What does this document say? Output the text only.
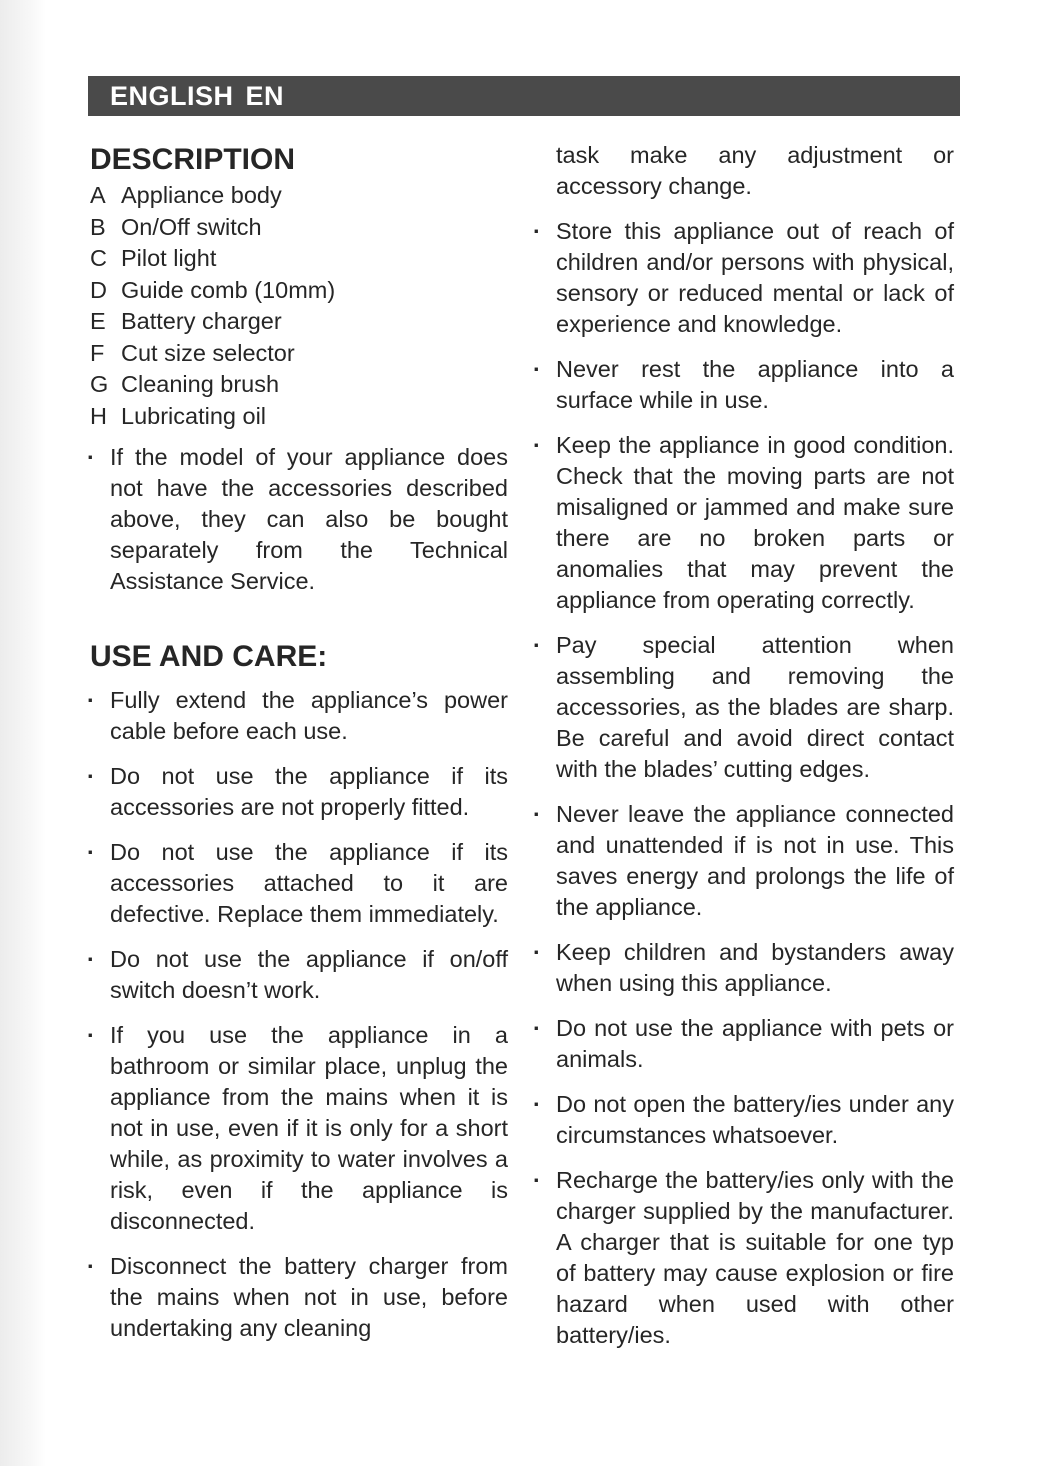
ENGLISH EN
DESCRIPTION
A Appliance body
B On/Off switch
C Pilot light
D Guide comb (10mm)
E Battery charger
F Cut size selector
G Cleaning brush
H Lubricating oil
· If the model of your appliance does not have the accessories described above, they can also be bought separately from the Technical Assistance Service.
USE AND CARE:
· Fully extend the appliance’s power cable before each use.
· Do not use the appliance if its accessories are not properly fitted.
· Do not use the appliance if its accessories attached to it are defective. Replace them immediately.
· Do not use the appliance if on/off switch doesn’t work.
· If you use the appliance in a bathroom or similar place, unplug the appliance from the mains when it is not in use, even if it is only for a short while, as proximity to water involves a risk, even if the appliance is disconnected.
· Disconnect the battery charger from the mains when not in use, before undertaking any cleaning
task make any adjustment or accessory change.
· Store this appliance out of reach of children and/or persons with physical, sensory or reduced mental or lack of experience and knowledge.
· Never rest the appliance into a surface while in use.
· Keep the appliance in good condition. Check that the moving parts are not misaligned or jammed and make sure there are no broken parts or anomalies that may prevent the appliance from operating correctly.
· Pay special attention when assembling and removing the accessories, as the blades are sharp. Be careful and avoid direct contact with the blades’ cutting edges.
· Never leave the appliance connected and unattended if is not in use. This saves energy and prolongs the life of the appliance.
· Keep children and bystanders away when using this appliance.
· Do not use the appliance with pets or animals.
· Do not open the battery/ies under any circumstances whatsoever.
· Recharge the battery/ies only with the charger supplied by the manufacturer. A charger that is suitable for one typ of battery may cause explosion or fire hazard when used with other battery/ies.
